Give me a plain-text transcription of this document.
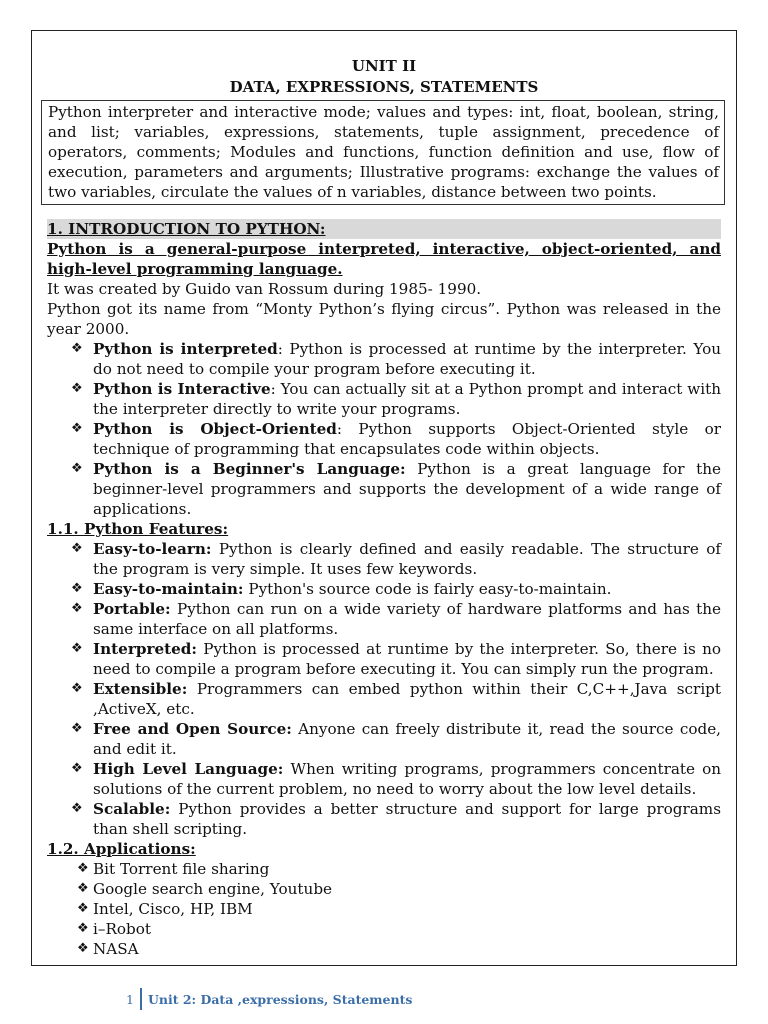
UNIT II
DATA, EXPRESSIONS, STATEMENTS
Python interpreter and interactive mode; values and types: int, float, boolean, string, and list; variables, expressions, statements, tuple assignment, precedence of operators, comments; Modules and functions, function definition and use, flow of execution, parameters and arguments; Illustrative programs: exchange the values of two variables, circulate the values of n variables, distance between two points.
1. INTRODUCTION TO PYTHON:
Python is a general-purpose interpreted, interactive, object-oriented, and high-level programming language.

It was created by Guido van Rossum during 1985- 1990.

Python got its name from “Monty Python’s flying circus”. Python was released in the year 2000.

❖ Python is interpreted: Python is processed at runtime by the interpreter. You do not need to compile your program before executing it.
❖ Python is Interactive: You can actually sit at a Python prompt and interact with the interpreter directly to write your programs.
❖ Python is Object-Oriented: Python supports Object-Oriented style or technique of programming that encapsulates code within objects.
❖ Python is a Beginner's Language: Python is a great language for the beginner-level programmers and supports the development of a wide range of applications.
1.1. Python Features:
❖ Easy-to-learn: Python is clearly defined and easily readable. The structure of the program is very simple. It uses few keywords.
❖ Easy-to-maintain: Python's source code is fairly easy-to-maintain.
❖ Portable: Python can run on a wide variety of hardware platforms and has the same interface on all platforms.
❖ Interpreted: Python is processed at runtime by the interpreter. So, there is no need to compile a program before executing it. You can simply run the program.
❖ Extensible: Programmers can embed python within their C,C++,Java script ,ActiveX, etc.
❖ Free and Open Source: Anyone can freely distribute it, read the source code, and edit it.
❖ High Level Language: When writing programs, programmers concentrate on solutions of the current problem, no need to worry about the low level details.
❖ Scalable: Python provides a better structure and support for large programs than shell scripting.
1.2. Applications:
❖ Bit Torrent file sharing
❖ Google search engine, Youtube
❖ Intel, Cisco, HP, IBM
❖ i–Robot
❖ NASA
1 Unit 2: Data ,expressions, Statements
